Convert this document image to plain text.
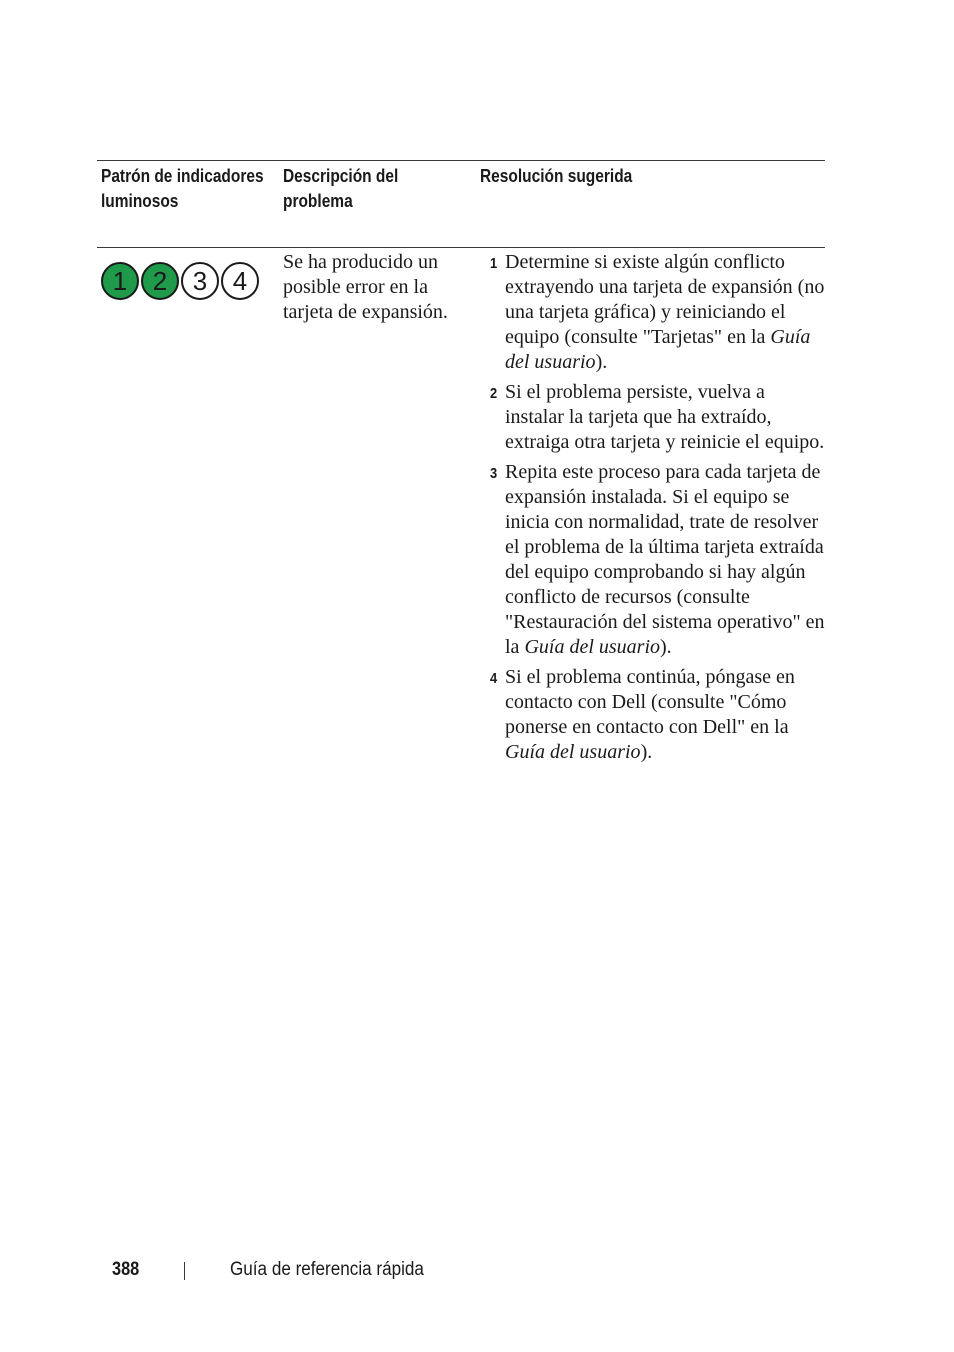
Patrón de indicadores luminosos
Descripción del problema
Resolución sugerida
1 2 3 4
Se ha producido un posible error en la tarjeta de expansión.
1 Determine si existe algún conflicto extrayendo una tarjeta de expansión (no una tarjeta gráfica) y reiniciando el equipo (consulte "Tarjetas" en la Guía del usuario).
2 Si el problema persiste, vuelva a instalar la tarjeta que ha extraído, extraiga otra tarjeta y reinicie el equipo.
3 Repita este proceso para cada tarjeta de expansión instalada. Si el equipo se inicia con normalidad, trate de resolver el problema de la última tarjeta extraída del equipo comprobando si hay algún conflicto de recursos (consulte "Restauración del sistema operativo" en la Guía del usuario).
4 Si el problema continúa, póngase en contacto con Dell (consulte "Cómo ponerse en contacto con Dell" en la Guía del usuario).
388	Guía de referencia rápida
